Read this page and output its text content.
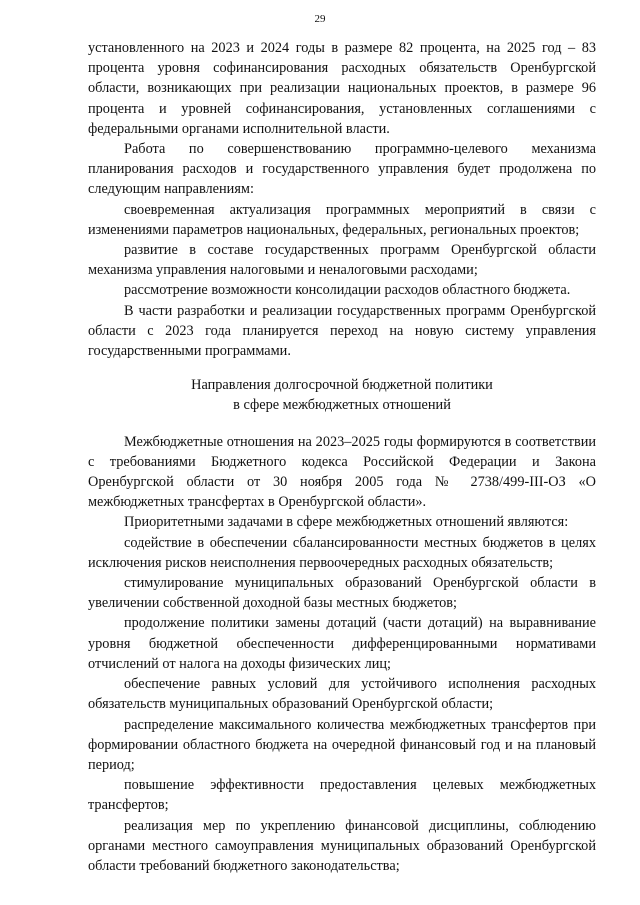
29

установленного на 2023 и 2024 годы в размере 82 процента, на 2025 год – 83 процента уровня софинансирования расходных обязательств Оренбургской области, возникающих при реализации национальных проектов, в размере 96 процента и уровней софинансирования, установленных соглашениями с федеральными органами исполнительной власти.

Работа по совершенствованию программно-целевого механизма планирования расходов и государственного управления будет продолжена по следующим направлениям:

своевременная актуализация программных мероприятий в связи с изменениями параметров национальных, федеральных, региональных проектов;

развитие в составе государственных программ Оренбургской области механизма управления налоговыми и неналоговыми расходами;

рассмотрение возможности консолидации расходов областного бюджета.

В части разработки и реализации государственных программ Оренбургской области с 2023 года планируется переход на новую систему управления государственными программами.

Направления долгосрочной бюджетной политики
в сфере межбюджетных отношений

Межбюджетные отношения на 2023–2025 годы формируются в соответствии с требованиями Бюджетного кодекса Российской Федерации и Закона Оренбургской области от 30 ноября 2005 года № 2738/499-III-ОЗ «О межбюджетных трансфертах в Оренбургской области».

Приоритетными задачами в сфере межбюджетных отношений являются:

содействие в обеспечении сбалансированности местных бюджетов в целях исключения рисков неисполнения первоочередных расходных обязательств;

стимулирование муниципальных образований Оренбургской области в увеличении собственной доходной базы местных бюджетов;

продолжение политики замены дотаций (части дотаций) на выравнивание уровня бюджетной обеспеченности дифференцированными нормативами отчислений от налога на доходы физических лиц;

обеспечение равных условий для устойчивого исполнения расходных обязательств муниципальных образований Оренбургской области;

распределение максимального количества межбюджетных трансфертов при формировании областного бюджета на очередной финансовый год и на плановый период;

повышение эффективности предоставления целевых межбюджетных трансфертов;

реализация мер по укреплению финансовой дисциплины, соблюдению органами местного самоуправления муниципальных образований Оренбургской области требований бюджетного законодательства;
